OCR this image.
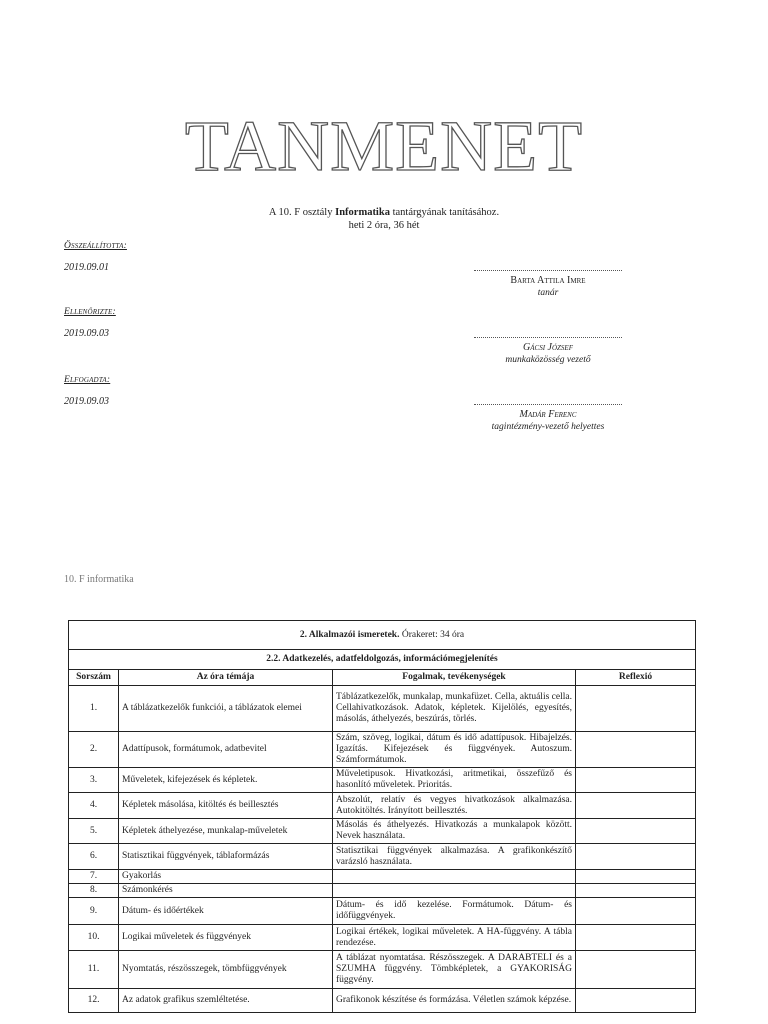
TANMENET
A 10. F osztály Informatika tantárgyának tanításához.
heti 2 óra, 36 hét
Összeállította:
2019.09.01
Barta Attila Imre
tanár
Ellenőrizte:
2019.09.03
Gácsi József
munkaközösség vezető
Elfogadta:
2019.09.03
Madár Ferenc
tagintézmény-vezető helyettes
10. F informatika
2. Alkalmazói ismeretek. Órakeret: 34 óra			
2.2. Adatkezelés, adatfeldolgozás, információmegjelenítés			
Sorszám	Az óra témája	Fogalmak, tevékenységek	Reflexió
1.	A táblázatkezelők funkciói, a táblázatok elemei	Táblázatkezelők, munkalap, munkafüzet. Cella, aktuális cella. Cellahivatkozások. Adatok, képletek. Kijelölés, egyesítés, másolás, áthelyezés, beszúrás, törlés.	
2.	Adattípusok, formátumok, adatbevitel	Szám, szöveg, logikai, dátum és idő adattípusok. Hibajelzés. Igazítás. Kifejezések és függvények. Autoszum. Számformátumok.	
3.	Műveletek, kifejezések és képletek.	Műveletipusok. Hivatkozási, aritmetikai, összefűző és hasonlító műveletek. Prioritás.	
4.	Képletek másolása, kitöltés és beillesztés	Abszolút, relatív és vegyes hivatkozások alkalmazása. Autokitöltés. Irányított beillesztés.	
5.	Képletek áthelyezése, munkalap-műveletek	Másolás és áthelyezés. Hivatkozás a munkalapok között. Nevek használata.	
6.	Statisztikai függvények, táblaformázás	Statisztikai függvények alkalmazása. A grafikonkészítő varázsló használata.	
7.	Gyakorlás		
8.	Számonkérés		
9.	Dátum- és időértékek	Dátum- és idő kezelése. Formátumok. Dátum- és időfüggvények.	
10.	Logikai műveletek és függvények	Logikai értékek, logikai műveletek. A HA-függvény. A tábla rendezése.	
11.	Nyomtatás, részösszegek, tömbfüggvények	A táblázat nyomtatása. Részösszegek. A DARABTELI és a SZUMHA függvény. Tömbképletek, a GYAKORISÁG függvény.	
12.	Az adatok grafikus szemléltetése.	Grafikonok készítése és formázása. Véletlen számok képzése.	
